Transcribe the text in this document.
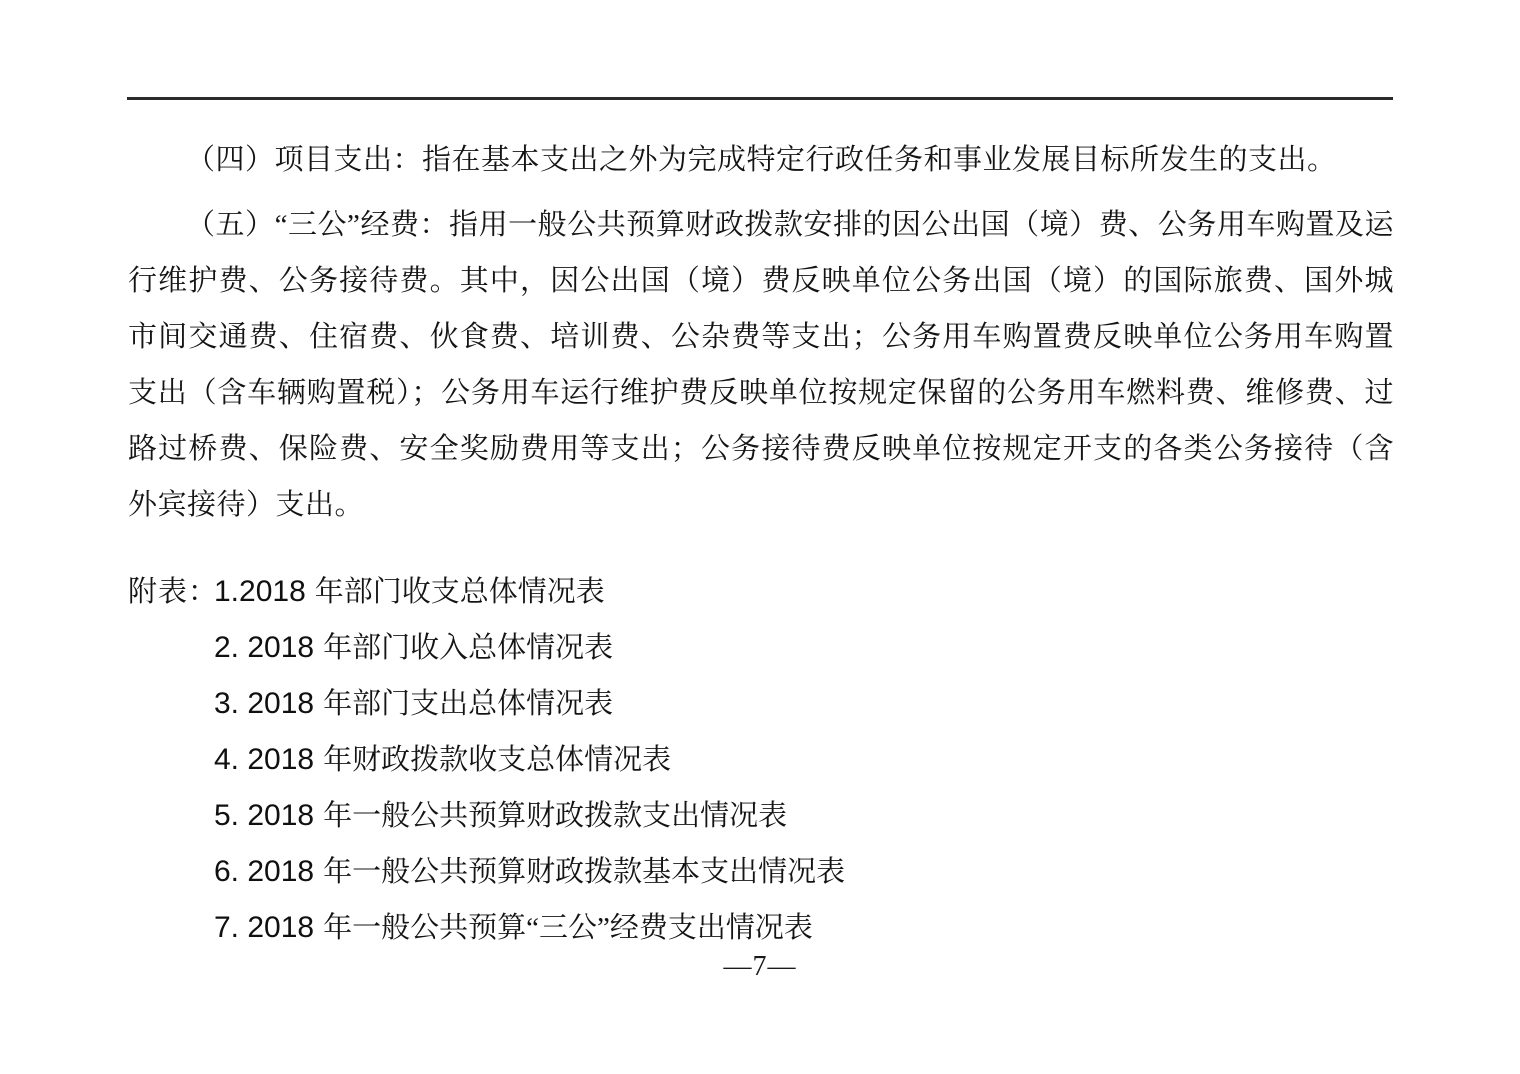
（四）项目支出：指在基本支出之外为完成特定行政任务和事业发展目标所发生的支出。

（五）“三公”经费：指用一般公共预算财政拨款安排的因公出国（境）费、公务用车购置及运行维护费、公务接待费。其中，因公出国（境）费反映单位公务出国（境）的国际旅费、国外城市间交通费、住宿费、伙食费、培训费、公杂费等支出；公务用车购置费反映单位公务用车购置支出（含车辆购置税）；公务用车运行维护费反映单位按规定保留的公务用车燃料费、维修费、过路过桥费、保险费、安全奖励费用等支出；公务接待费反映单位按规定开支的各类公务接待（含外宾接待）支出。

附表：1.2018 年部门收支总体情况表
2. 2018 年部门收入总体情况表
3. 2018 年部门支出总体情况表
4. 2018 年财政拨款收支总体情况表
5. 2018 年一般公共预算财政拨款支出情况表
6. 2018 年一般公共预算财政拨款基本支出情况表
7. 2018 年一般公共预算“三公”经费支出情况表
—7—
